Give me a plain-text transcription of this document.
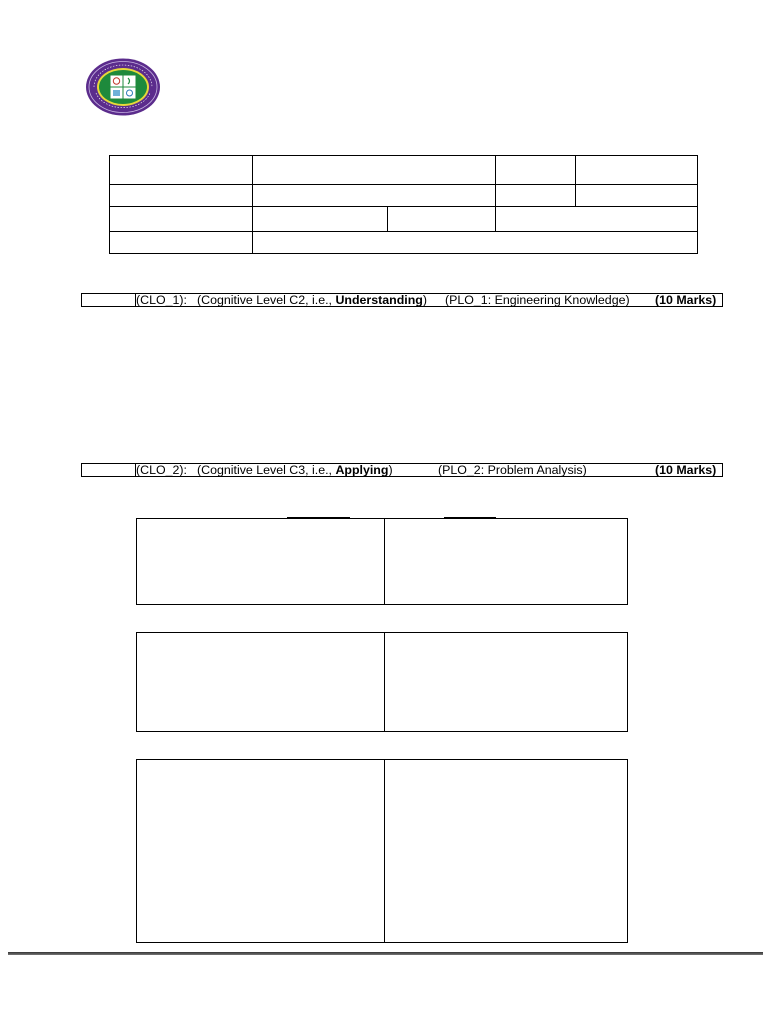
(CLO_1): (Cognitive Level C2, i.e., Understanding) (PLO_1: Engineering Knowledge) (10 Marks)
(CLO_2): (Cognitive Level C3, i.e., Applying)	(PLO_2: Problem Analysis)	(10 Marks)
